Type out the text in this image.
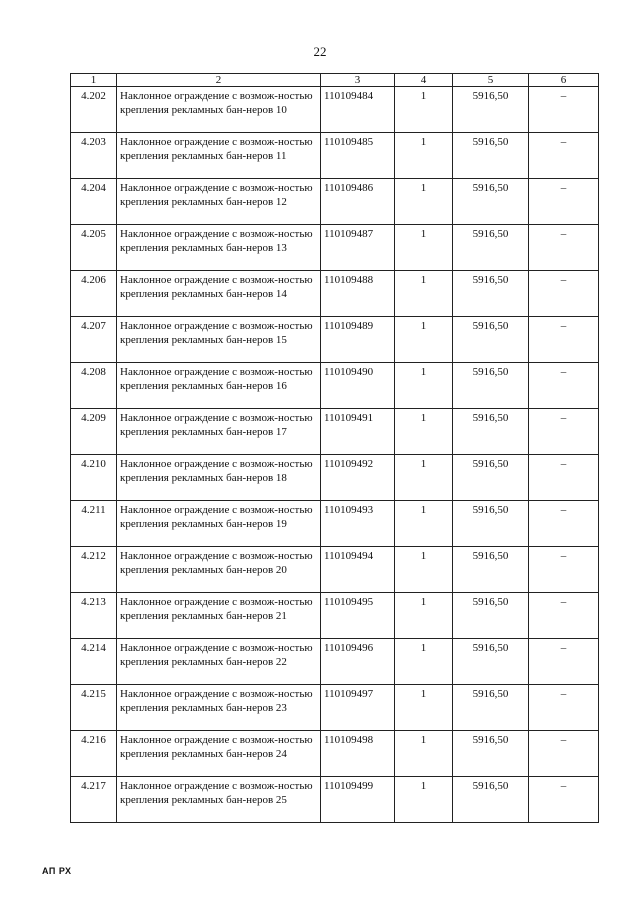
22
1	2	3	4	5	6
4.202	Наклонное ограждение с возмож-ностью крепления рекламных бан-неров 10	110109484	1	5916,50	–
4.203	Наклонное ограждение с возмож-ностью крепления рекламных бан-неров 11	110109485	1	5916,50	–
4.204	Наклонное ограждение с возмож-ностью крепления рекламных бан-неров 12	110109486	1	5916,50	–
4.205	Наклонное ограждение с возмож-ностью крепления рекламных бан-неров 13	110109487	1	5916,50	–
4.206	Наклонное ограждение с возмож-ностью крепления рекламных бан-неров 14	110109488	1	5916,50	–
4.207	Наклонное ограждение с возмож-ностью крепления рекламных бан-неров 15	110109489	1	5916,50	–
4.208	Наклонное ограждение с возмож-ностью крепления рекламных бан-неров 16	110109490	1	5916,50	–
4.209	Наклонное ограждение с возмож-ностью крепления рекламных бан-неров 17	110109491	1	5916,50	–
4.210	Наклонное ограждение с возмож-ностью крепления рекламных бан-неров 18	110109492	1	5916,50	–
4.211	Наклонное ограждение с возмож-ностью крепления рекламных бан-неров 19	110109493	1	5916,50	–
4.212	Наклонное ограждение с возмож-ностью крепления рекламных бан-неров 20	110109494	1	5916,50	–
4.213	Наклонное ограждение с возмож-ностью крепления рекламных бан-неров 21	110109495	1	5916,50	–
4.214	Наклонное ограждение с возмож-ностью крепления рекламных бан-неров 22	110109496	1	5916,50	–
4.215	Наклонное ограждение с возмож-ностью крепления рекламных бан-неров 23	110109497	1	5916,50	–
4.216	Наклонное ограждение с возмож-ностью крепления рекламных бан-неров 24	110109498	1	5916,50	–
4.217	Наклонное ограждение с возмож-ностью крепления рекламных бан-неров 25	110109499	1	5916,50	–
АП РХ
